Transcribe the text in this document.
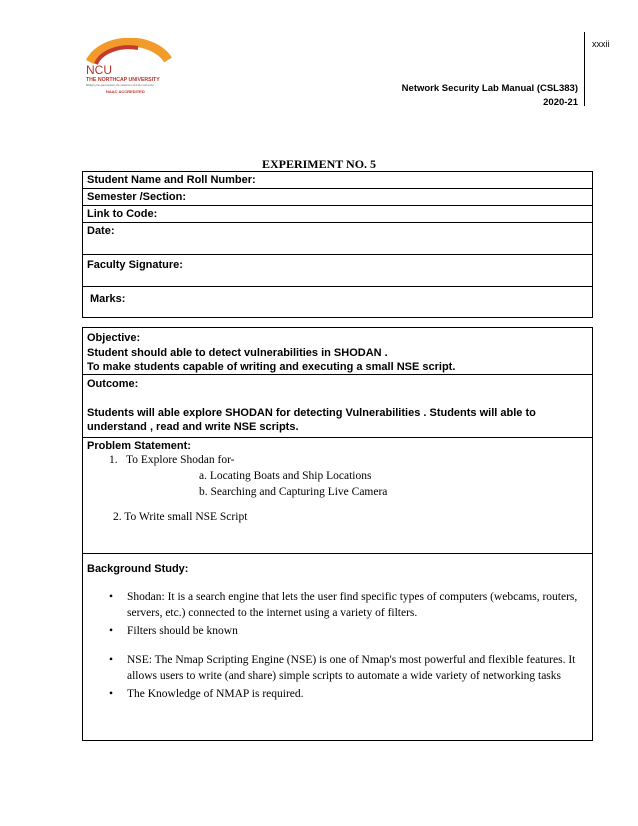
xxxii
NCU
THE NORTHCAP UNIVERSITY
Bridging the gap between the classroom and the real world
NAAC ACCREDITED	Network Security Lab Manual (CSL383)
2020-21
EXPERIMENT NO. 5
Student Name and Roll Number:
Semester /Section:
Link to Code:
Date:
Faculty Signature:
Marks:
Objective:
Student should able to detect vulnerabilities in SHODAN .
To make students capable of writing and executing a small NSE script.
Outcome:
Students will able explore SHODAN for detecting Vulnerabilities . Students will able to
understand , read and write NSE scripts.
Problem Statement:
1. To Explore Shodan for-
a. Locating Boats and Ship Locations
b. Searching and Capturing Live Camera
2. To Write small NSE Script
Background Study:
• Shodan: It is a search engine that lets the user find specific types of computers (webcams, routers, servers, etc.) connected to the internet using a variety of filters.
• Filters should be known
• NSE: The Nmap Scripting Engine (NSE) is one of Nmap's most powerful and flexible features. It allows users to write (and share) simple scripts to automate a wide variety of networking tasks
• The Knowledge of NMAP is required.
